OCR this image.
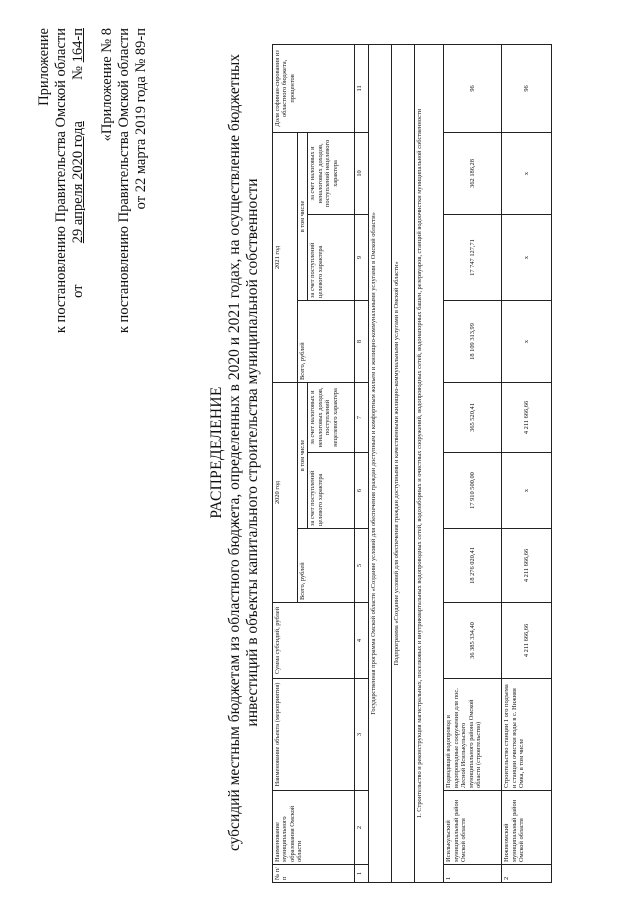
Приложение к постановлению Правительства Омской области от  29 апреля 2020 года  № 164-п «Приложение № 8 к постановлению Правительства Омской области от 22 марта 2019 года № 89-п
РАСПРЕДЕЛЕНИЕ субсидий местным бюджетам из областного бюджета, определенных в 2020 и 2021 годах, на осуществление бюджетных инвестиций в объекты капитального строительства муниципальной собственности
№ п/п	Наименование муниципального образования Омской области	Наименование объекта (мероприятия)	Сумма субсидий, рублей	2020 год			2021 год			Доля софинан-сирования из областного бюджета, процентов
				Всего, рублей	в том числе		Всего, рублей	в том числе		
					за счет поступлений целевого характера	за счет налоговых и неналоговых доходов, поступлений нецелевого характера		за счет поступлений целевого характера	за счет налоговых и неналоговых доходов, поступлений нецелевого характера	
1	2	3	4	5	6	7	8	9	10	11
Государственная программа Омской области «Создание условий для обеспечения граждан доступным и комфортным жильем и жилищно-коммунальными услугами в Омской области»										
Подпрограмма «Создание условий для обеспечения граждан доступными и качественными жилищно-коммунальными услугами в Омской области»										
1. Строительство и реконструкция магистральных, поселковых и внутриквартальных водопроводных сетей, водозаборных и очистных сооружений, водопроводных сетей, водонапорных башен, резервуаров, станций водоочистки муниципальной собственности										
1	Исилькульский муниципальный район Омской области	Подводящий водопровод и водопроводные сооружения для пос. Лесной Исилькульского муниципального района Омской области (строительство)	36 385 334,40	18 276 020,41	17 910 500,00	365 520,41	18 109 313,99	17 747 127,71	362 186,28	96
2	Нижнеомский муниципальный район Омской области	Строительство станции 1 ого подъема и станции очистки воды в с. Нижняя Омка, в том числе	4 211 666,66	4 211 666,66	x	4 211 666,66	x	x	x	96
